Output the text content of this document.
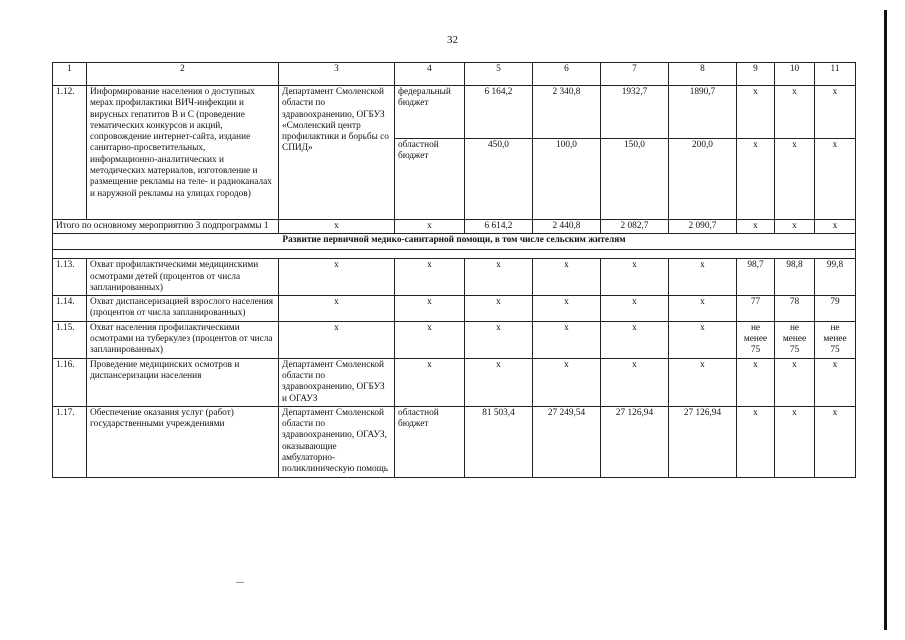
32
1	2	3	4	5	6	7	8	9	10	11
1.12.	Информирование населения о доступных мерах профилактики ВИЧ-инфекции и вирусных гепатитов В и С (проведение тематических конкурсов и акций, сопровождение интернет-сайта, издание санитарно-просветительных, информационно-аналитических и методических материалов, изготовление и размещение рекламы на теле- и радиоканалах и наружной рекламы на улицах городов)	Департамент Смоленской области по здравоохранению, ОГБУЗ «Смоленский центр профилактики и борьбы со СПИД»	федеральный бюджет	6 164,2	2 340,8	1932,7	1890,7	х	х	х
			областной бюджет	450,0	100,0	150,0	200,0	х	х	х
Итого по основному мероприятию 3 подпрограммы 1		х	х	6 614,2	2 440,8	2 082,7	2 090,7	х	х	х
Развитие первичной медико-санитарной помощи, в том числе сельским жителям										

1.13.	Охват профилактическими медицинскими осмотрами детей (процентов от числа запланированных)	х	х	х	х	х	х	98,7	98,8	99,8
1.14.	Охват диспансеризацией взрослого населения (процентов от числа запланированных)	х	х	х	х	х	х	77	78	79
1.15.	Охват населения профилактическими осмотрами на туберкулез (процентов от числа запланированных)	х	х	х	х	х	х	не менее 75	не менее 75	не менее 75
1.16.	Проведение медицинских осмотров и диспансеризации населения	Департамент Смоленской области по здравоохранению, ОГБУЗ и ОГАУЗ	х	х	х	х	х	х	х	х
1.17.	Обеспечение оказания услуг (работ) государственными учреждениями	Департамент Смоленской области по здравоохранению, ОГАУЗ, оказывающие амбулаторно-поликлиническую помощь	областной бюджет	81 503,4	27 249,54	27 126,94	27 126,94	х	х	х
